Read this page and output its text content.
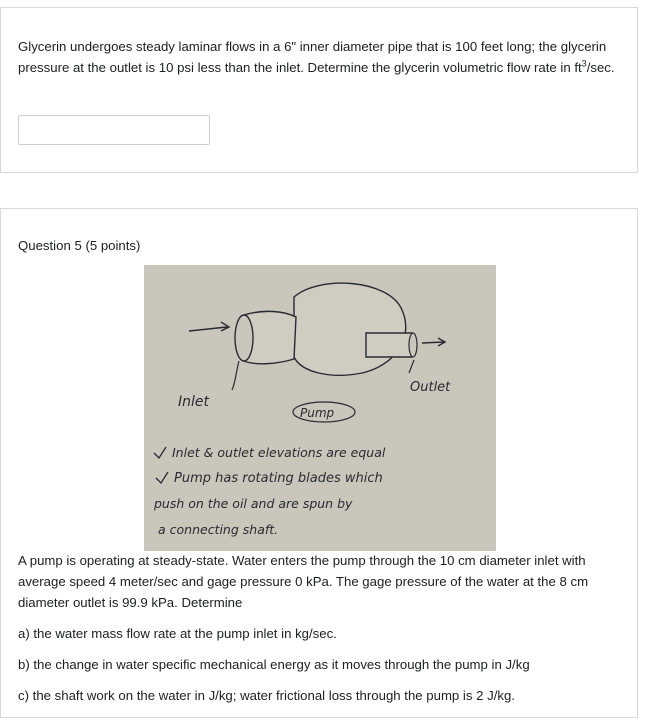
Glycerin undergoes steady laminar flows in a 6" inner diameter pipe that is 100 feet long; the glycerin pressure at the outlet is 10 psi less than the inlet. Determine the glycerin volumetric flow rate in $ft^3/\sec$.
Question 5 (5 points)
Inlet
Outlet
Pump
Inlet & outlet elevations are equal
Pump has rotating blades which
push on the oil and are spun by
a connecting shaft.

A pump is operating at steady-state. Water enters the pump through the 10 cm diameter inlet with average speed 4 meter/sec and gage pressure 0 kPa. The gage pressure of the water at the 8 cm diameter outlet is 99.9 kPa. Determine

a) the water mass flow rate at the pump inlet in kg/sec.

b) the change in water specific mechanical energy as it moves through the pump in J/kg

c) the shaft work on the water in J/kg; water frictional loss through the pump is 2 J/kg.
